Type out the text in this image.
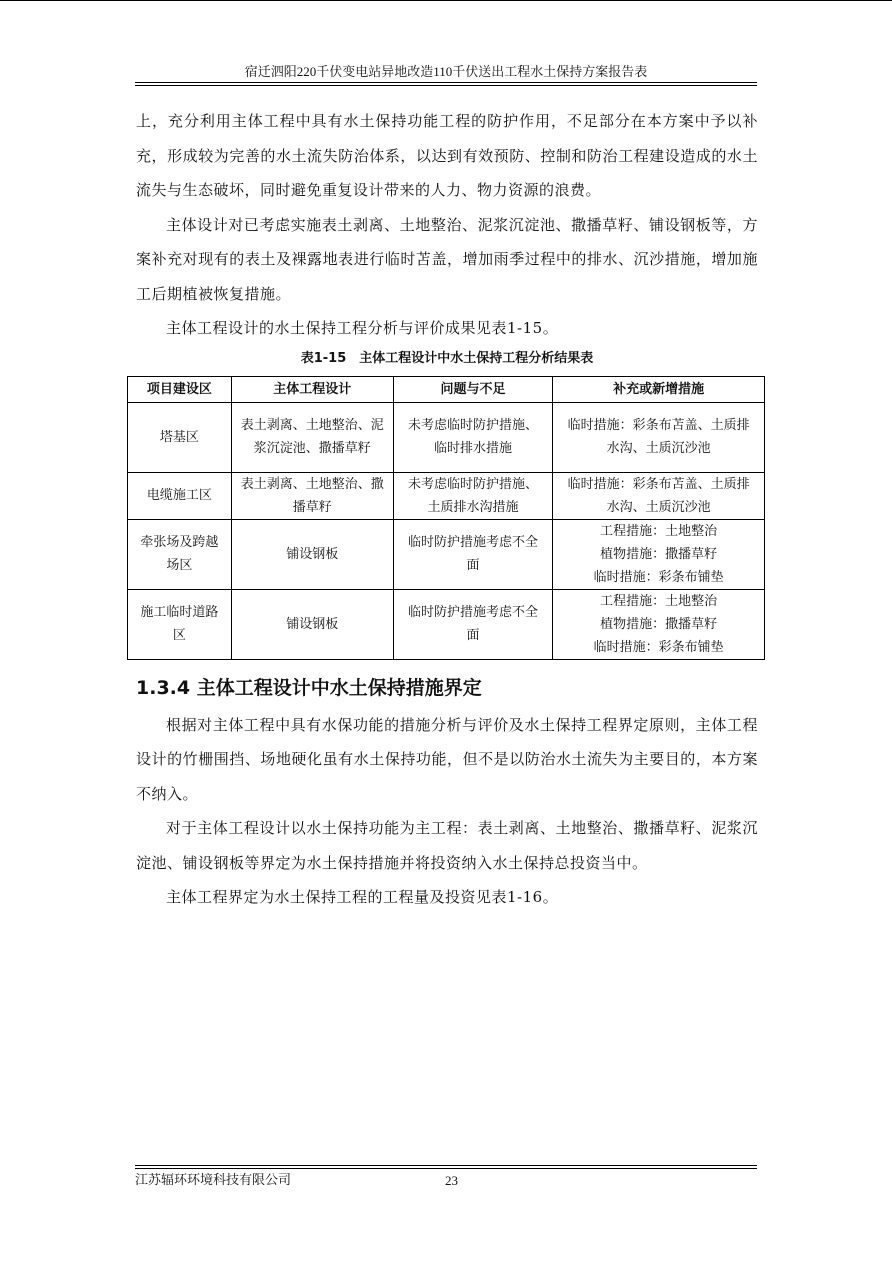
宿迁泗阳220千伏变电站异地改造110千伏送出工程水土保持方案报告表

上，充分利用主体工程中具有水土保持功能工程的防护作用，不足部分在本方案中予以补充，形成较为完善的水土流失防治体系，以达到有效预防、控制和防治工程建设造成的水土流失与生态破坏，同时避免重复设计带来的人力、物力资源的浪费。

主体设计对已考虑实施表土剥离、土地整治、泥浆沉淀池、撒播草籽、铺设钢板等，方案补充对现有的表土及裸露地表进行临时苫盖，增加雨季过程中的排水、沉沙措施，增加施工后期植被恢复措施。

主体工程设计的水土保持工程分析与评价成果见表1-15。

表1-15　主体工程设计中水土保持工程分析结果表
项目建设区	主体工程设计	问题与不足	补充或新增措施
塔基区	表土剥离、土地整治、泥浆沉淀池、撒播草籽	未考虑临时防护措施、临时排水措施	临时措施：彩条布苫盖、土质排水沟、土质沉沙池

电缆施工区	表土剥离、土地整治、撒播草籽	未考虑临时防护措施、土质排水沟措施	临时措施：彩条布苫盖、土质排水沟、土质沉沙池

牵张场及跨越场区	铺设钢板	临时防护措施考虑不全面	工程措施：土地整治
植物措施：撒播草籽
临时措施：彩条布铺垫

施工临时道路区	铺设钢板	临时防护措施考虑不全面	工程措施：土地整治
植物措施：撒播草籽
临时措施：彩条布铺垫
1.3.4 主体工程设计中水土保持措施界定

根据对主体工程中具有水保功能的措施分析与评价及水土保持工程界定原则，主体工程设计的竹栅围挡、场地硬化虽有水土保持功能，但不是以防治水土流失为主要目的，本方案不纳入。

对于主体工程设计以水土保持功能为主工程：表土剥离、土地整治、撒播草籽、泥浆沉淀池、铺设钢板等界定为水土保持措施并将投资纳入水土保持总投资当中。

主体工程界定为水土保持工程的工程量及投资见表1-16。

江苏辐环环境科技有限公司	23
